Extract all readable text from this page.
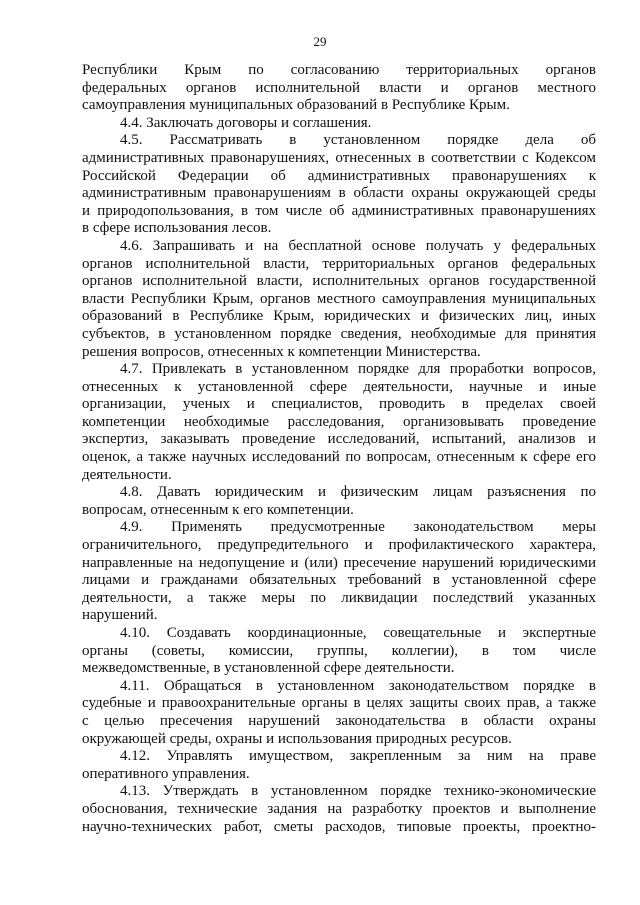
29
Республики Крым по согласованию территориальных органов
федеральных органов исполнительной власти и органов местного
самоуправления муниципальных образований в Республике Крым.
4.4. Заключать договоры и соглашения.
4.5. Рассматривать в установленном порядке дела об
административных правонарушениях, отнесенных в соответствии с Кодексом
Российской Федерации об административных правонарушениях к
административным правонарушениям в области охраны окружающей среды
и природопользования, в том числе об административных правонарушениях
в сфере использования лесов.
4.6. Запрашивать и на бесплатной основе получать у федеральных
органов исполнительной власти, территориальных органов федеральных
органов исполнительной власти, исполнительных органов государственной
власти Республики Крым, органов местного самоуправления муниципальных
образований в Республике Крым, юридических и физических лиц, иных
субъектов, в установленном порядке сведения, необходимые для принятия
решения вопросов, отнесенных к компетенции Министерства.
4.7. Привлекать в установленном порядке для проработки вопросов,
отнесенных к установленной сфере деятельности, научные и иные
организации, ученых и специалистов, проводить в пределах своей
компетенции необходимые расследования, организовывать проведение
экспертиз, заказывать проведение исследований, испытаний, анализов и
оценок, а также научных исследований по вопросам, отнесенным к сфере его
деятельности.
4.8. Давать юридическим и физическим лицам разъяснения по
вопросам, отнесенным к его компетенции.
4.9. Применять предусмотренные законодательством меры
ограничительного, предупредительного и профилактического характера,
направленные на недопущение и (или) пресечение нарушений юридическими
лицами и гражданами обязательных требований в установленной сфере
деятельности, а также меры по ликвидации последствий указанных
нарушений.
4.10. Создавать координационные, совещательные и экспертные
органы (советы, комиссии, группы, коллегии), в том числе
межведомственные, в установленной сфере деятельности.
4.11. Обращаться в установленном законодательством порядке в
судебные и правоохранительные органы в целях защиты своих прав, а также
с целью пресечения нарушений законодательства в области охраны
окружающей среды, охраны и использования природных ресурсов.
4.12. Управлять имуществом, закрепленным за ним на праве
оперативного управления.
4.13. Утверждать в установленном порядке технико-экономические
обоснования, технические задания на разработку проектов и выполнение
научно-технических работ, сметы расходов, типовые проекты, проектно-
